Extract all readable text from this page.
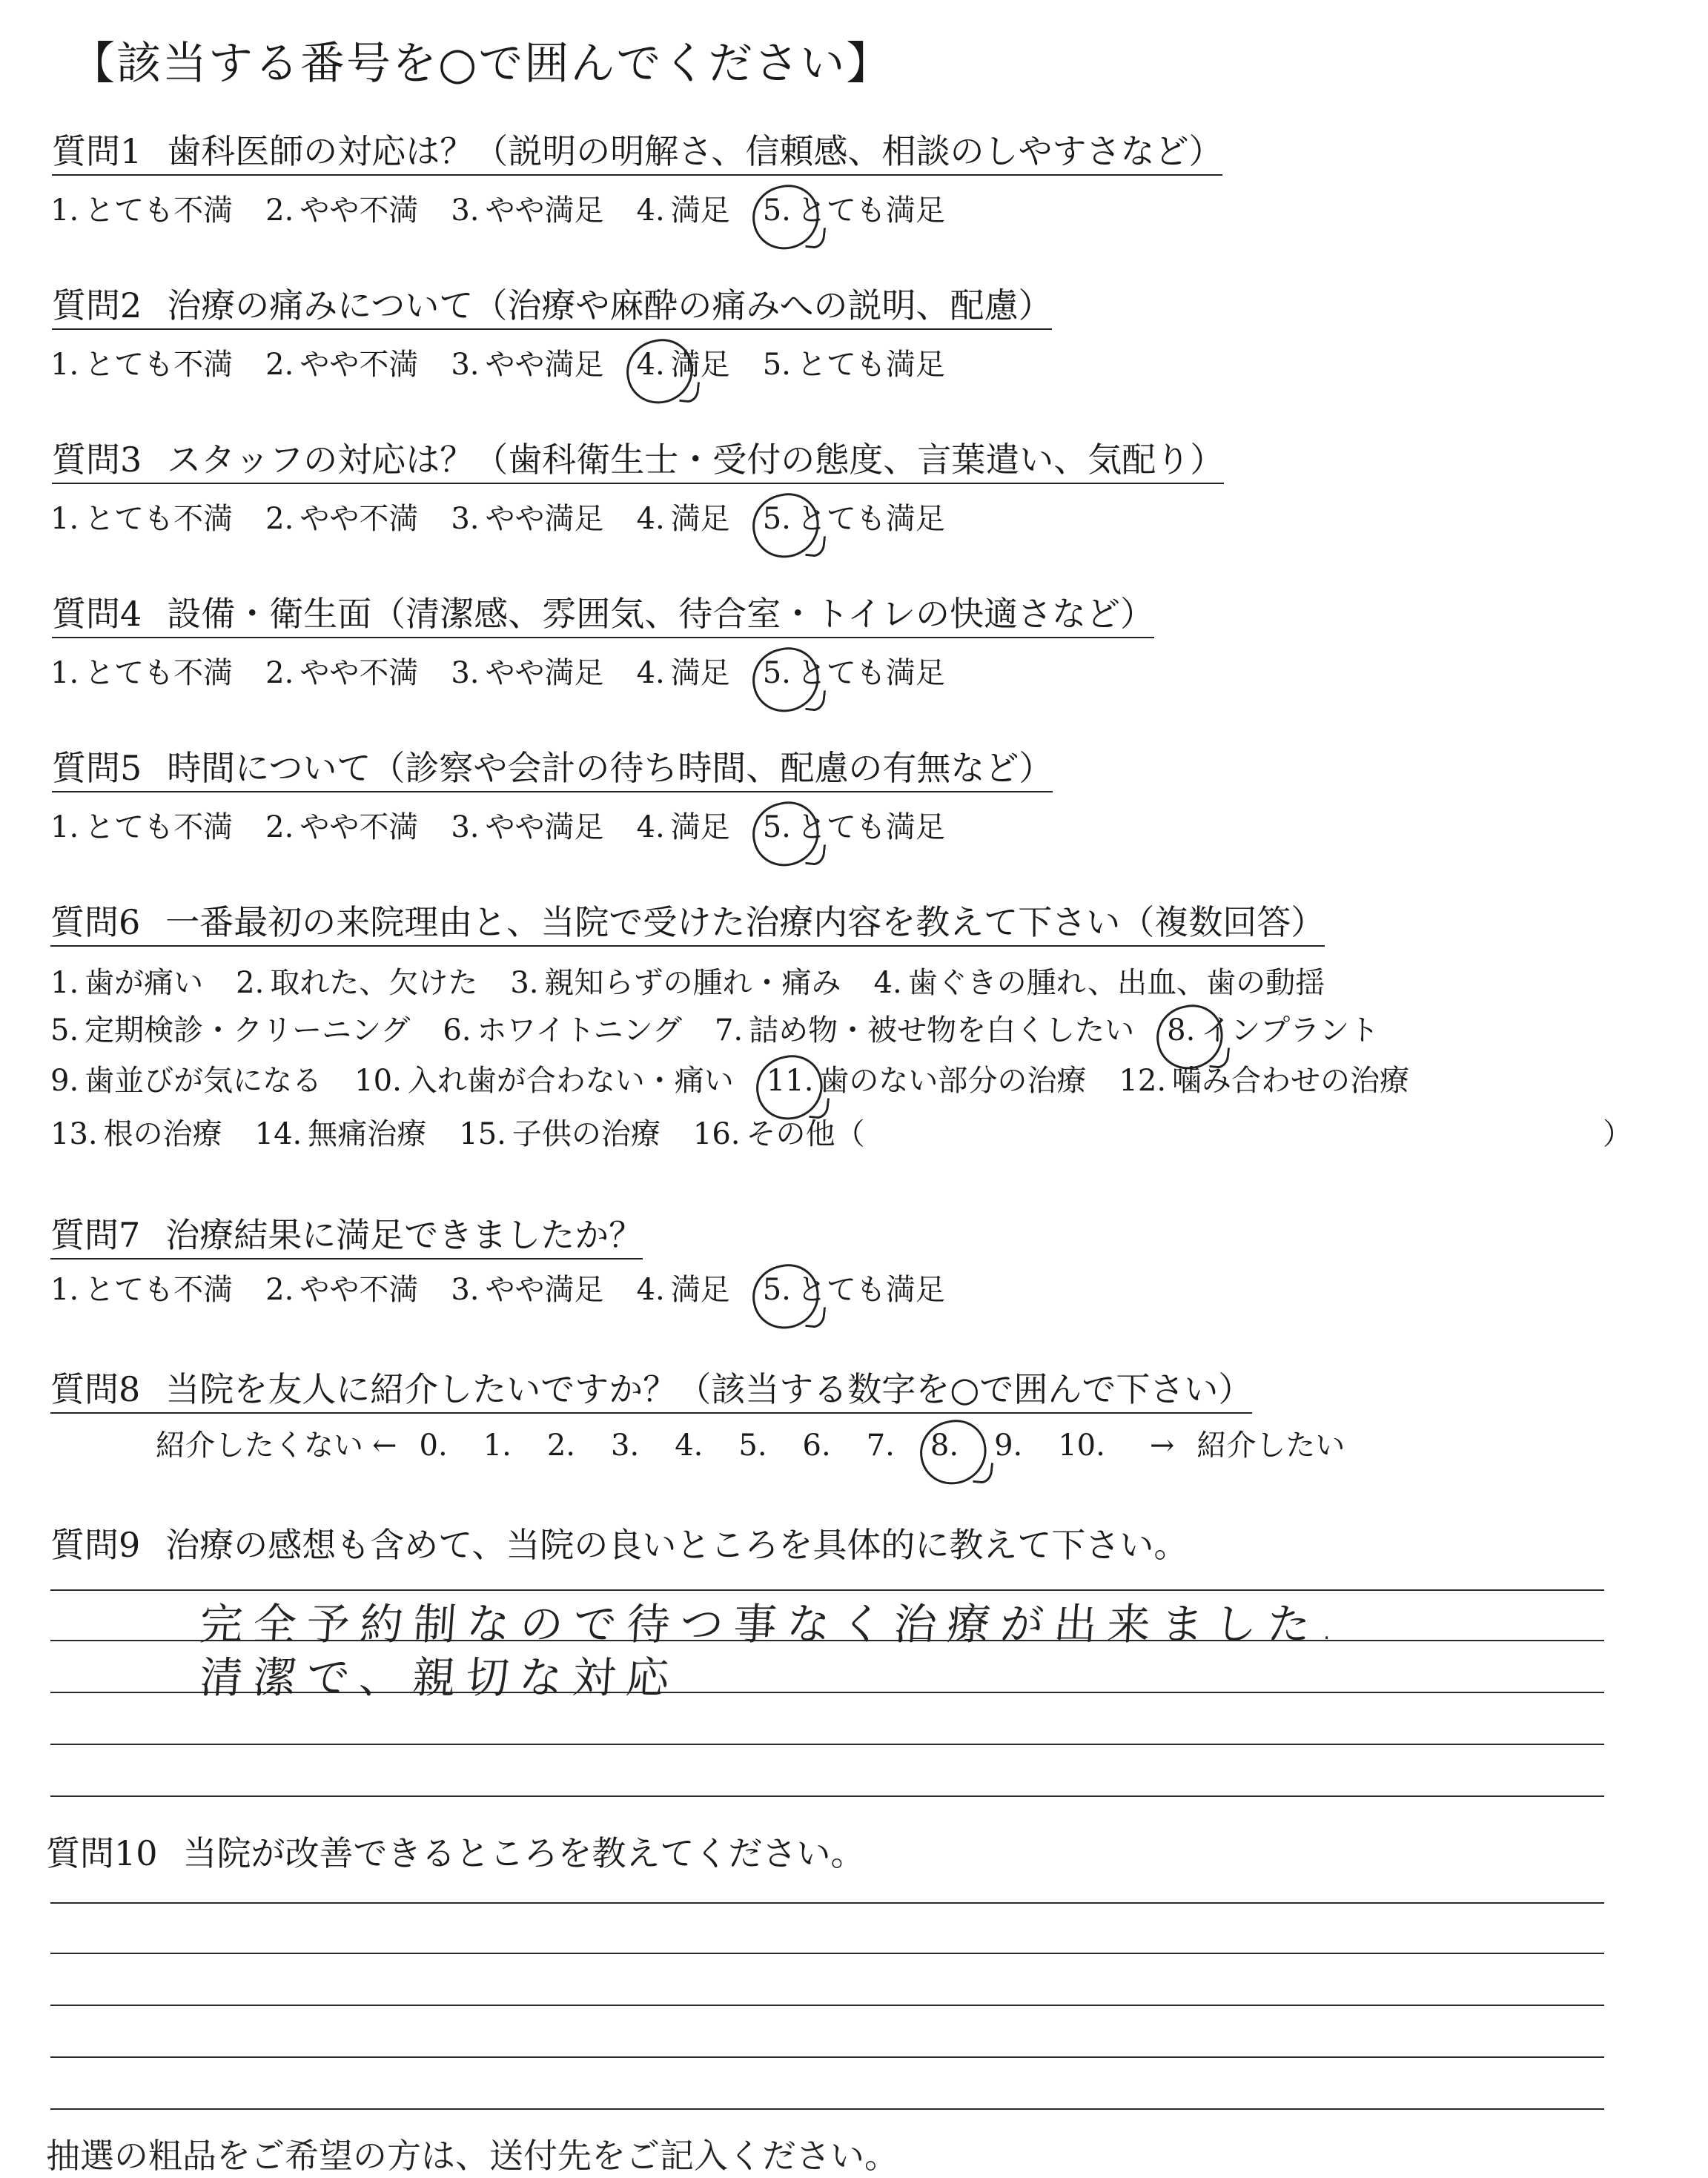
【該当する番号を○で囲んでください】
質問1 歯科医師の対応は？（説明の明解さ、信頼感、相談のしやすさなど）
1. とても不満 2. やや不満 3. やや満足 4. 満足 5. とても満足
質問2 治療の痛みについて（治療や麻酔の痛みへの説明、配慮）
1. とても不満 2. やや不満 3. やや満足 4. 満足 5. とても満足
質問3 スタッフの対応は？（歯科衛生士・受付の態度、言葉遣い、気配り）
1. とても不満 2. やや不満 3. やや満足 4. 満足 5. とても満足
質問4 設備・衛生面（清潔感、雰囲気、待合室・トイレの快適さなど）
1. とても不満 2. やや不満 3. やや満足 4. 満足 5. とても満足
質問5 時間について（診察や会計の待ち時間、配慮の有無など）
1. とても不満 2. やや不満 3. やや満足 4. 満足 5. とても満足
質問6 一番最初の来院理由と、当院で受けた治療内容を教えて下さい（複数回答）
1. 歯が痛い 2. 取れた、欠けた 3. 親知らずの腫れ・痛み 4. 歯ぐきの腫れ、出血、歯の動揺
5. 定期検診・クリーニング 6. ホワイトニング 7. 詰め物・被せ物を白くしたい 8. インプラント
9. 歯並びが気になる 10. 入れ歯が合わない・痛い 11. 歯のない部分の治療 12. 噛み合わせの治療
13. 根の治療 14. 無痛治療 15. 子供の治療 16. その他（	）
質問7 治療結果に満足できましたか？
1. とても不満 2. やや不満 3. やや満足 4. 満足 5. とても満足
質問8 当院を友人に紹介したいですか？（該当する数字を○で囲んで下さい）
紹介したくない ← 0. 1. 2. 3. 4. 5. 6. 7. 8. 9. 10. → 紹介したい
質問9 治療の感想も含めて、当院の良いところを具体的に教えて下さい。
完全予約制なので待つ事なく治療が出来ました.
清潔で、親切な対応
質問10 当院が改善できるところを教えてください。
抽選の粗品をご希望の方は、送付先をご記入ください。
